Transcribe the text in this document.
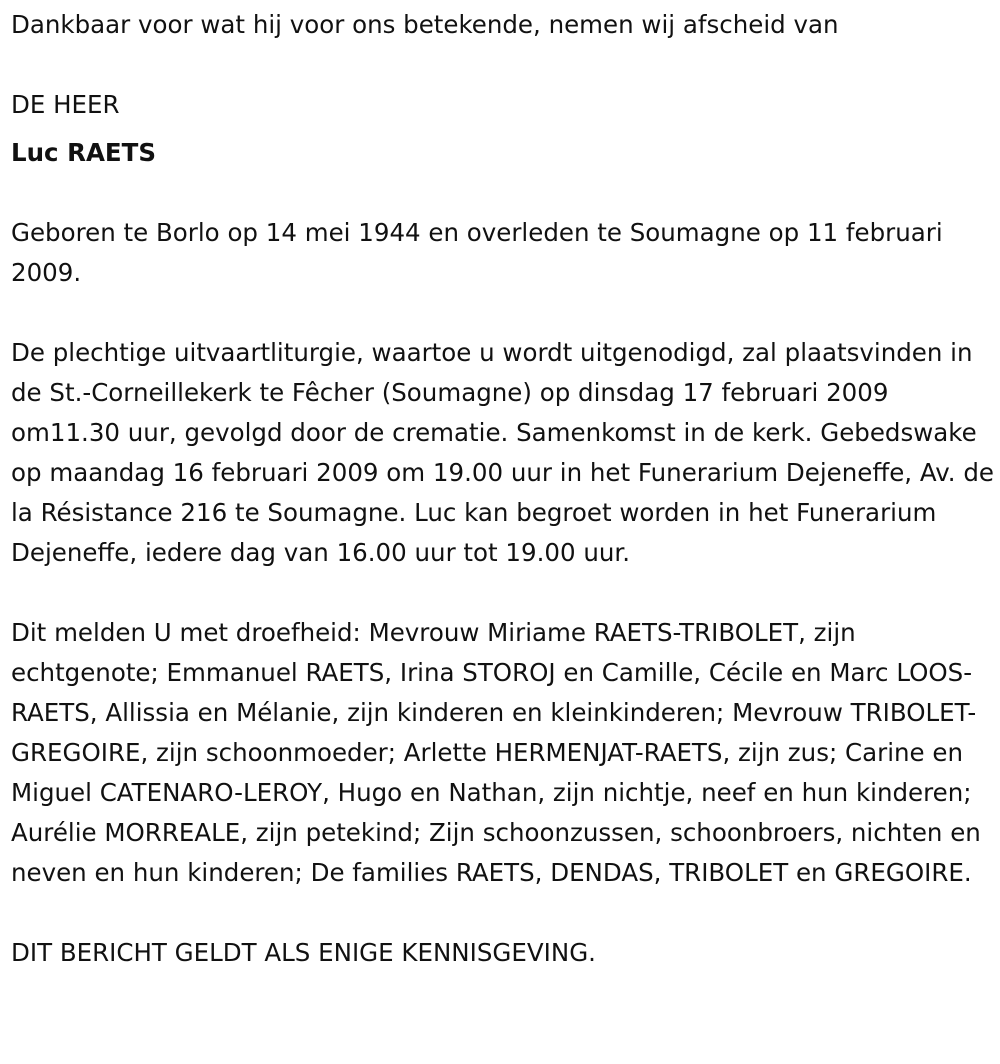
Dankbaar voor wat hij voor ons betekende, nemen wij afscheid van

DE HEER

Luc RAETS

Geboren te Borlo op 14 mei 1944 en overleden te Soumagne op 11 februari 2009.

De plechtige uitvaartliturgie, waartoe u wordt uitgenodigd, zal plaatsvinden in de St.-Corneillekerk te Fêcher (Soumagne) op dinsdag 17 februari 2009 om11.30 uur, gevolgd door de crematie. Samenkomst in de kerk. Gebedswake op maandag 16 februari 2009 om 19.00 uur in het Funerarium Dejeneffe, Av. de la Résistance 216 te Soumagne. Luc kan begroet worden in het Funerarium Dejeneffe, iedere dag van 16.00 uur tot 19.00 uur.

Dit melden U met droefheid: Mevrouw Miriame RAETS-TRIBOLET, zijn echtgenote; Emmanuel RAETS, Irina STOROJ en Camille, Cécile en Marc LOOS-RAETS, Allissia en Mélanie, zijn kinderen en kleinkinderen; Mevrouw TRIBOLET-GREGOIRE, zijn schoonmoeder; Arlette HERMENJAT-RAETS, zijn zus; Carine en Miguel CATENARO-LEROY, Hugo en Nathan, zijn nichtje, neef en hun kinderen; Aurélie MORREALE, zijn petekind; Zijn schoonzussen, schoonbroers, nichten en neven en hun kinderen; De families RAETS, DENDAS, TRIBOLET en GREGOIRE.

DIT BERICHT GELDT ALS ENIGE KENNISGEVING.
